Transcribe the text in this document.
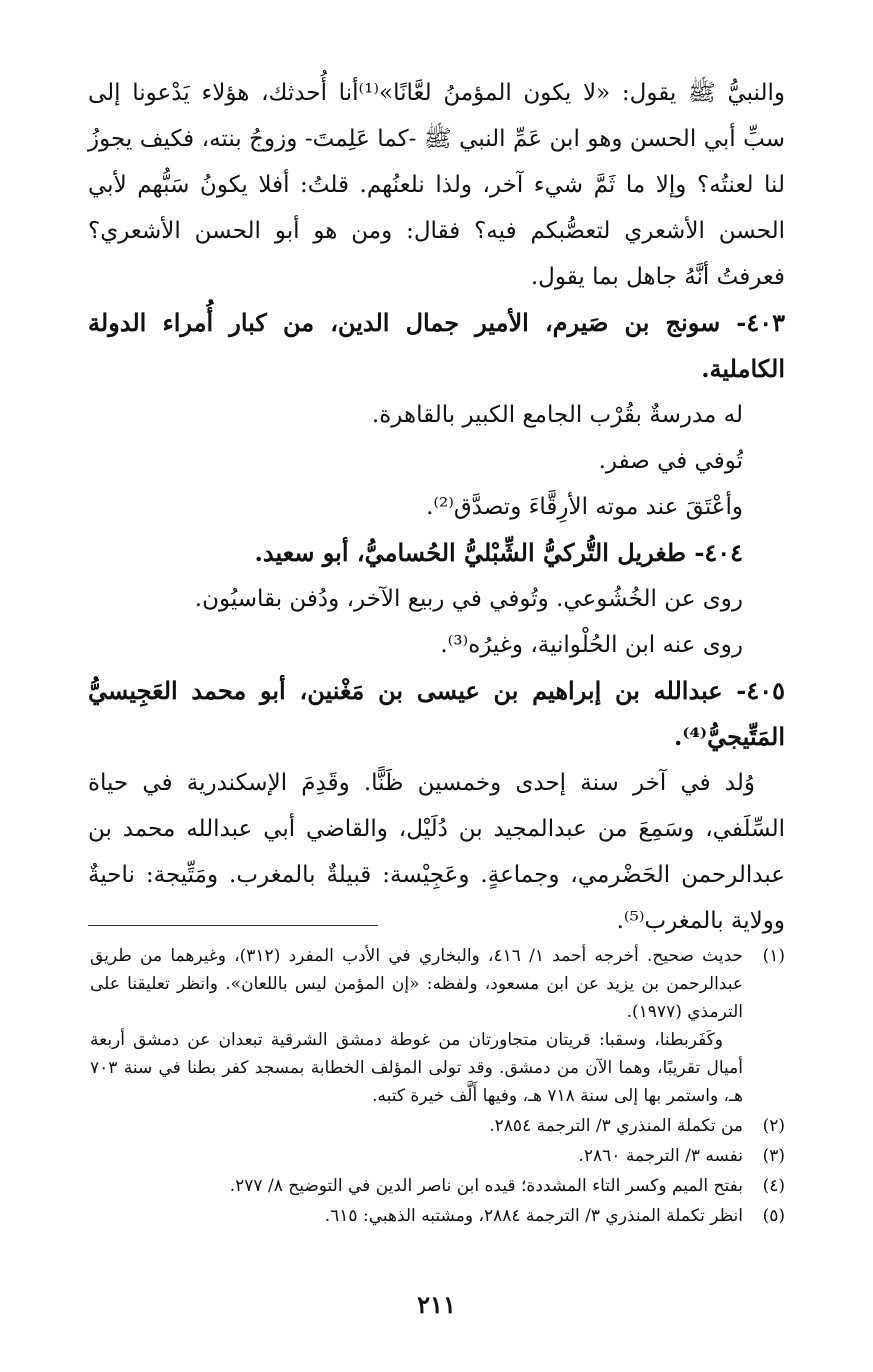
والنبيُّ ﷺ يقول: «لا يكون المؤمنُ لعَّانًا»⁽¹⁾أنا أُحدثك، هؤلاء يَدْعونا إلى سبِّ أبي الحسن وهو ابن عَمِّ النبي ﷺ -كما عَلِمتَ- وزوجُ بنته، فكيف يجوزُ لنا لعنتُه؟ وإلا ما ثَمَّ شيء آخر، ولذا نلعنُهم. قلتُ: أفلا يكونُ سَبُّهم لأبي الحسن الأشعري لتعصُّبكم فيه؟ فقال: ومن هو أبو الحسن الأشعري؟ فعرفتُ أنَّهُ جاهل بما يقول.

٤٠٣- سونج بن صَيرم، الأمير جمال الدين، من كبار أُمراء الدولة الكاملية.

له مدرسةٌ بقُرْب الجامع الكبير بالقاهرة.

تُوفي في صفر.

وأعْتَقَ عند موته الأرِقَّاءَ وتصدَّق⁽²⁾.

٤٠٤- طغريل التُّركيُّ الشِّبْليُّ الحُساميُّ، أبو سعيد.

روى عن الخُشُوعي. وتُوفي في ربيع الآخر، ودُفن بقاسيُون.

روى عنه ابن الحُلْوانية، وغيرُه⁽³⁾.

٤٠٥- عبدالله بن إبراهيم بن عيسى بن مَغْنين، أبو محمد العَجِيسيُّ المَتِّيجيُّ⁽⁴⁾.

وُلد في آخر سنة إحدى وخمسين ظَنًّا. وقَدِمَ الإسكندرية في حياة السِّلَفي، وسَمِعَ من عبدالمجيد بن دُلَيْل، والقاضي أبي عبدالله محمد بن عبدالرحمن الحَضْرمي، وجماعةٍ. وعَجِيْسة: قبيلةٌ بالمغرب. ومَتِّيجة: ناحيةٌ وولاية بالمغرب⁽⁵⁾.

(١)
حديث صحيح. أخرجه أحمد ١/ ٤١٦، والبخاري في الأدب المفرد (٣١٢)، وغيرهما من طريق عبدالرحمن بن يزيد عن ابن مسعود، ولفظه: «إن المؤمن ليس باللعان». وانظر تعليقنا على الترمذي (١٩٧٧).
وكَفَربطنا، وسقبا: قريتان متجاورتان من غوطة دمشق الشرقية تبعدان عن دمشق أربعة أميال تقريبًا، وهما الآن من دمشق. وقد تولى المؤلف الخطابة بمسجد كفر بطنا في سنة ٧٠٣ هـ، واستمر بها إلى سنة ٧١٨ هـ، وفيها أَلَّف خيرة كتبه.
(٢)
من تكملة المنذري ٣/ الترجمة ٢٨٥٤.
(٣)
نفسه ٣/ الترجمة ٢٨٦٠.
(٤)
بفتح الميم وكسر التاء المشددة؛ قيده ابن ناصر الدين في التوضيح ٨/ ٢٧٧.
(٥)
انظر تكملة المنذري ٣/ الترجمة ٢٨٨٤، ومشتبه الذهبي: ٦١٥.
٢١١
